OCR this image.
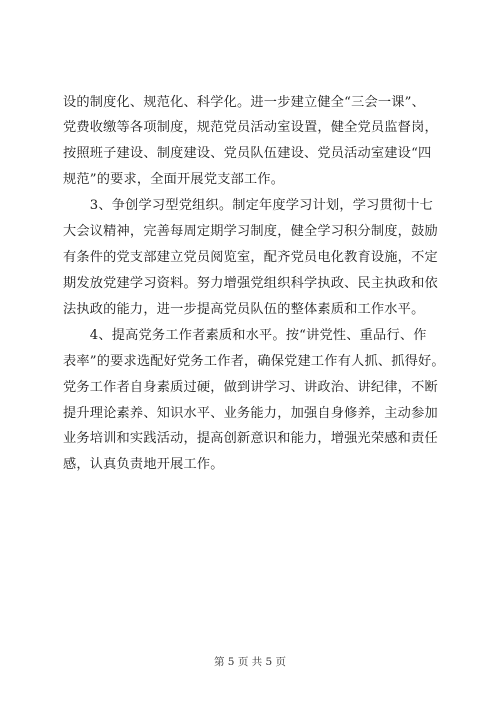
设的制度化、规范化、科学化。进一步建立健全“三会一课”、
党费收缴等各项制度，规范党员活动室设置，健全党员监督岗，
按照班子建设、制度建设、党员队伍建设、党员活动室建设“四
规范”的要求，全面开展党支部工作。
　　3、争创学习型党组织。制定年度学习计划，学习贯彻十七
大会议精神，完善每周定期学习制度，健全学习积分制度，鼓励
有条件的党支部建立党员阅览室，配齐党员电化教育设施，不定
期发放党建学习资料。努力增强党组织科学执政、民主执政和依
法执政的能力，进一步提高党员队伍的整体素质和工作水平。
　　4、提高党务工作者素质和水平。按“讲党性、重品行、作
表率”的要求选配好党务工作者，确保党建工作有人抓、抓得好。
党务工作者自身素质过硬，做到讲学习、讲政治、讲纪律，不断
提升理论素养、知识水平、业务能力，加强自身修养，主动参加
业务培训和实践活动，提高创新意识和能力，增强光荣感和责任
感，认真负责地开展工作。
第 5 页 共 5 页
